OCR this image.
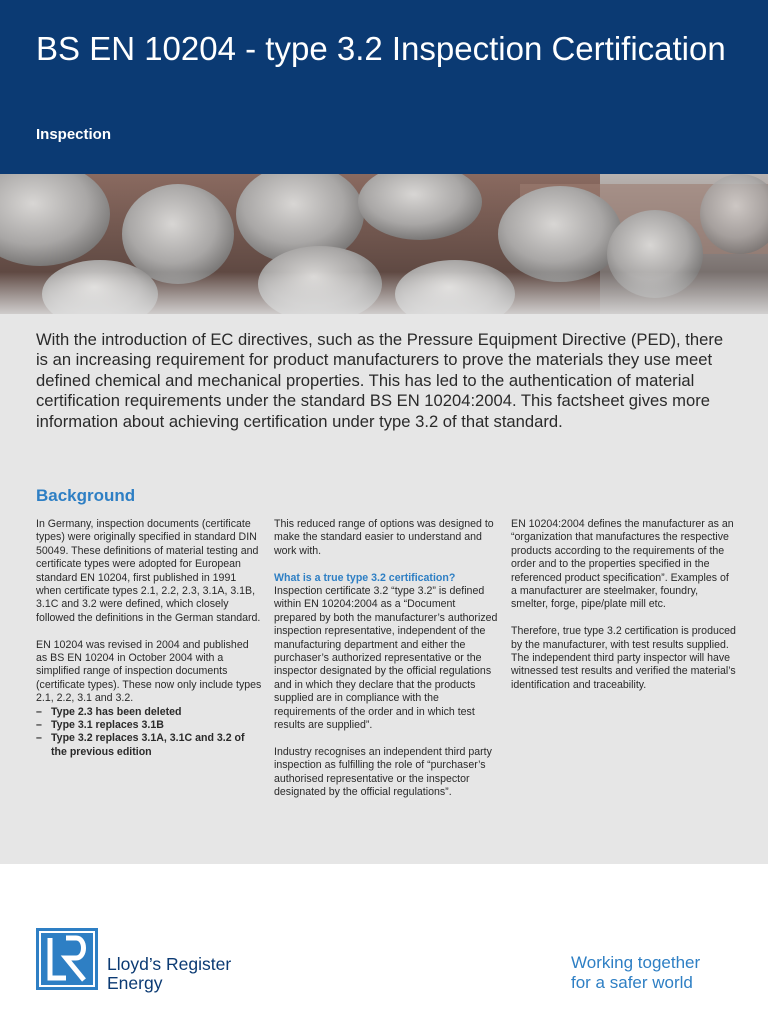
BS EN 10204 - type 3.2 Inspection Certification
Inspection

With the introduction of EC directives, such as the Pressure Equipment Directive (PED), there is an increasing requirement for product manufacturers to prove the materials they use meet defined chemical and mechanical properties. This has led to the authentication of material certification requirements under the standard BS EN 10204:2004. This factsheet gives more information about achieving certification under type 3.2 of that standard.

Background

In Germany, inspection documents (certificate types) were originally specified in standard DIN 50049. These definitions of material testing and certificate types were adopted for European standard EN 10204, first published in 1991 when certificate types 2.1, 2.2, 2.3, 3.1A, 3.1B, 3.1C and 3.2 were defined, which closely followed the definitions in the German standard.

EN 10204 was revised in 2004 and published as BS EN 10204 in October 2004 with a simplified range of inspection documents (certificate types). These now only include types 2.1, 2.2, 3.1 and 3.2.

– Type 2.3 has been deleted
– Type 3.1 replaces 3.1B
– Type 3.2 replaces 3.1A, 3.1C and 3.2 of the previous edition

This reduced range of options was designed to make the standard easier to understand and work with.

What is a true type 3.2 certification?

Inspection certificate 3.2 “type 3.2” is defined within EN 10204:2004 as a “Document prepared by both the manufacturer’s authorized inspection representative, independent of the manufacturing department and either the purchaser’s authorized representative or the inspector designated by the official regulations and in which they declare that the products supplied are in compliance with the requirements of the order and in which test results are supplied”.

Industry recognises an independent third party inspection as fulfilling the role of “purchaser’s authorised representative or the inspector designated by the official regulations”.

EN 10204:2004 defines the manufacturer as an “organization that manufactures the respective products according to the requirements of the order and to the properties specified in the referenced product specification”. Examples of a manufacturer are steelmaker, foundry, smelter, forge, pipe/plate mill etc.

Therefore, true type 3.2 certification is produced by the manufacturer, with test results supplied. The independent third party inspector will have witnessed test results and verified the material’s identification and traceability.

Lloyd’s Register
Energy
Working together
for a safer world
